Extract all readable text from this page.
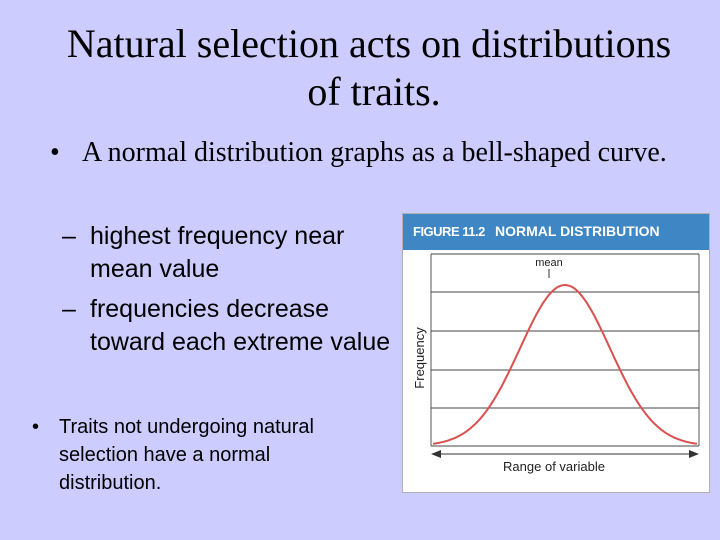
Natural selection acts on distributions
of traits.
• A normal distribution graphs as a bell-shaped curve.
– highest frequency near mean value
– frequencies decrease toward each extreme value
• Traits not undergoing natural selection have a normal distribution.
FIGURE 11.2 NORMAL DISTRIBUTION
mean
Frequency
Range of variable
